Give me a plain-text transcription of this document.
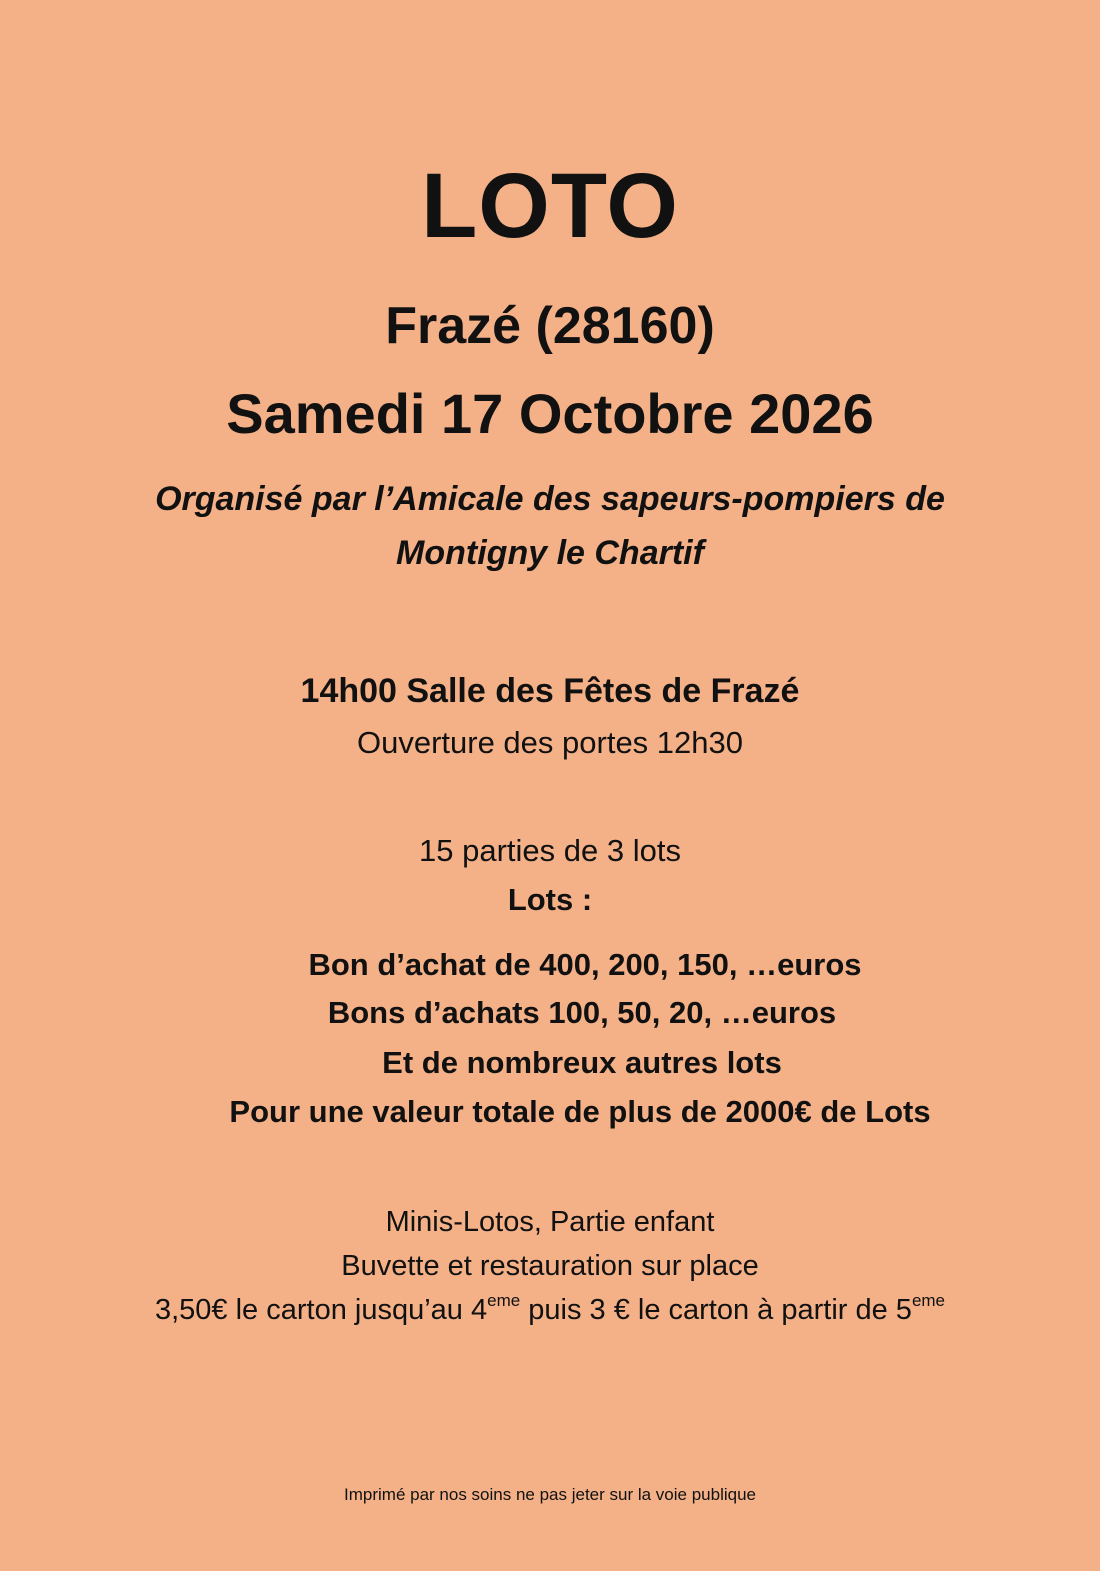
LOTO
Frazé (28160)
Samedi 17 Octobre 2026
Organisé par l’Amicale des sapeurs-pompiers de
Montigny le Chartif
14h00 Salle des Fêtes de Frazé
Ouverture des portes 12h30
15 parties de 3 lots
Lots :
Bon d’achat de 400, 200, 150, …euros
Bons d’achats 100, 50, 20, …euros
Et de nombreux autres lots
Pour une valeur totale de plus de 2000€ de Lots
Minis-Lotos, Partie enfant
Buvette et restauration sur place
3,50€ le carton jusqu’au 4eme puis 3 € le carton à partir de 5eme
Imprimé par nos soins ne pas jeter sur la voie publique
